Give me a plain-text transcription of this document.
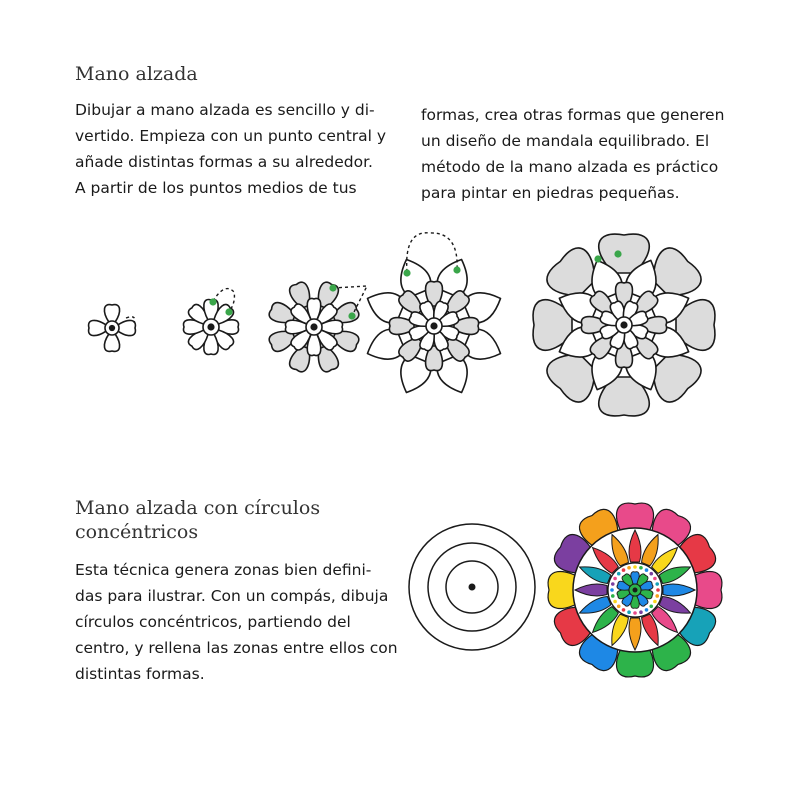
Mano alzada

Dibujar a mano alzada es sencillo y di-
vertido. Empieza con un punto central y
añade distintas formas a su alrededor.
A partir de los puntos medios de tus

formas, crea otras formas que generen
un diseño de mandala equilibrado. El
método de la mano alzada es práctico
para pintar en piedras pequeñas.

Mano alzada con círculos
concéntricos

Esta técnica genera zonas bien defini-
das para ilustrar. Con un compás, dibuja
círculos concéntricos, partiendo del
centro, y rellena las zonas entre ellos con
distintas formas.
